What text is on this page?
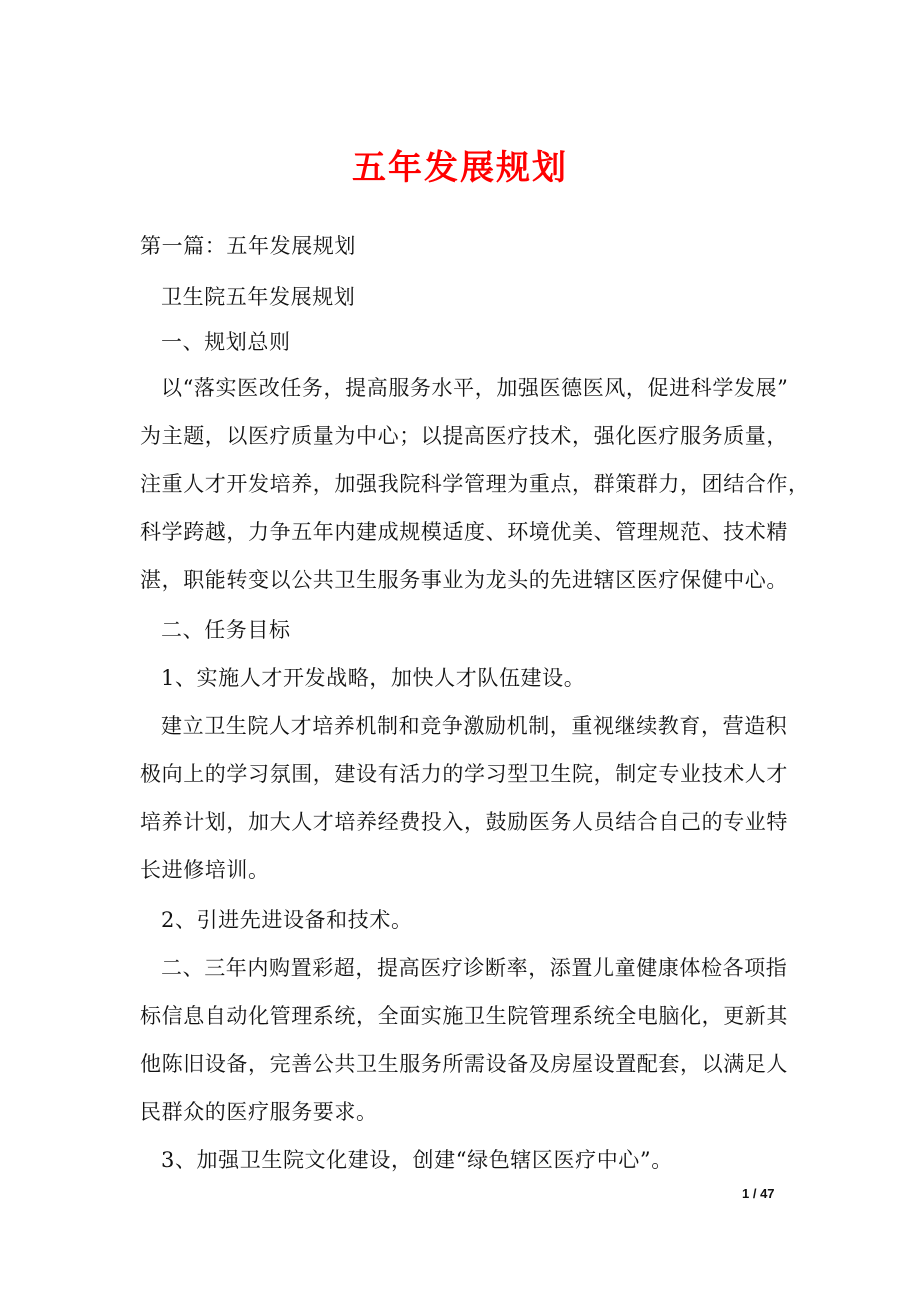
五年发展规划
第一篇：五年发展规划
卫生院五年发展规划
一、规划总则
以“落实医改任务，提高服务水平，加强医德医风，促进科学发展”
为主题，以医疗质量为中心；以提高医疗技术，强化医疗服务质量，
注重人才开发培养，加强我院科学管理为重点，群策群力，团结合作，
科学跨越，力争五年内建成规模适度、环境优美、管理规范、技术精
湛，职能转变以公共卫生服务事业为龙头的先进辖区医疗保健中心。
二、任务目标
1、实施人才开发战略，加快人才队伍建设。
建立卫生院人才培养机制和竞争激励机制，重视继续教育，营造积
极向上的学习氛围，建设有活力的学习型卫生院，制定专业技术人才
培养计划，加大人才培养经费投入，鼓励医务人员结合自己的专业特
长进修培训。
2、引进先进设备和技术。
二、三年内购置彩超，提高医疗诊断率，添置儿童健康体检各项指
标信息自动化管理系统，全面实施卫生院管理系统全电脑化，更新其
他陈旧设备，完善公共卫生服务所需设备及房屋设置配套，以满足人
民群众的医疗服务要求。
3、加强卫生院文化建设，创建“绿色辖区医疗中心”。
1 / 47
